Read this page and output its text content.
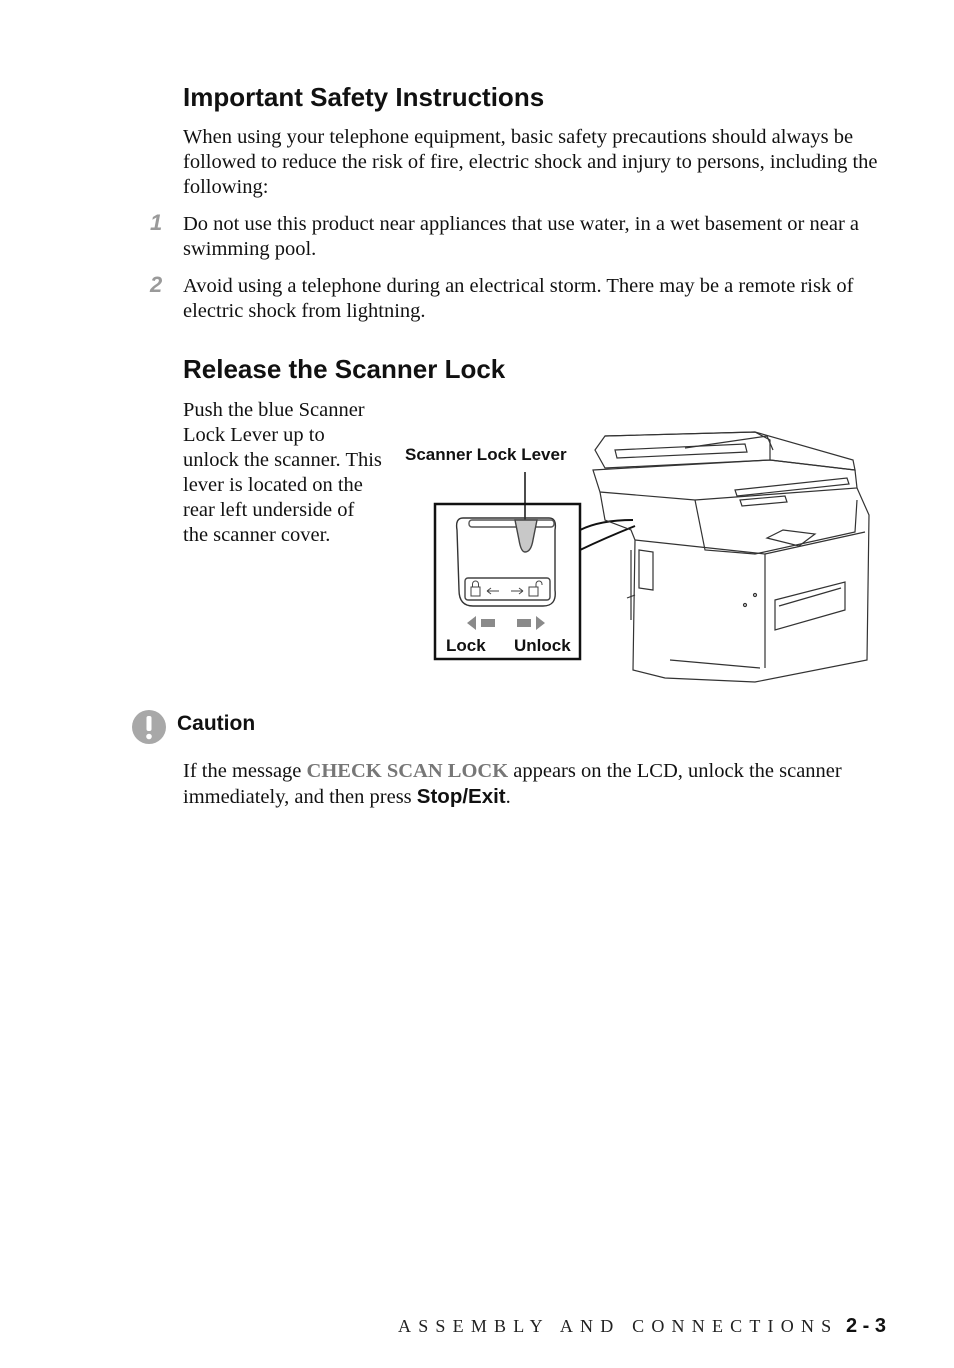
Important Safety Instructions

When using your telephone equipment, basic safety precautions should always be followed to reduce the risk of fire, electric shock and injury to persons, including the following:

1 Do not use this product near appliances that use water, in a wet basement or near a swimming pool.

2 Avoid using a telephone during an electrical storm. There may be a remote risk of electric shock from lightning.

Release the Scanner Lock

Push the blue Scanner Lock Lever up to unlock the scanner. This lever is located on the rear left underside of the scanner cover.

Scanner Lock Lever
Lock Unlock
Caution

If the message CHECK SCAN LOCK appears on the LCD, unlock the scanner immediately, and then press Stop/Exit.

ASSEMBLY AND CONNECTIONS 2 - 3
